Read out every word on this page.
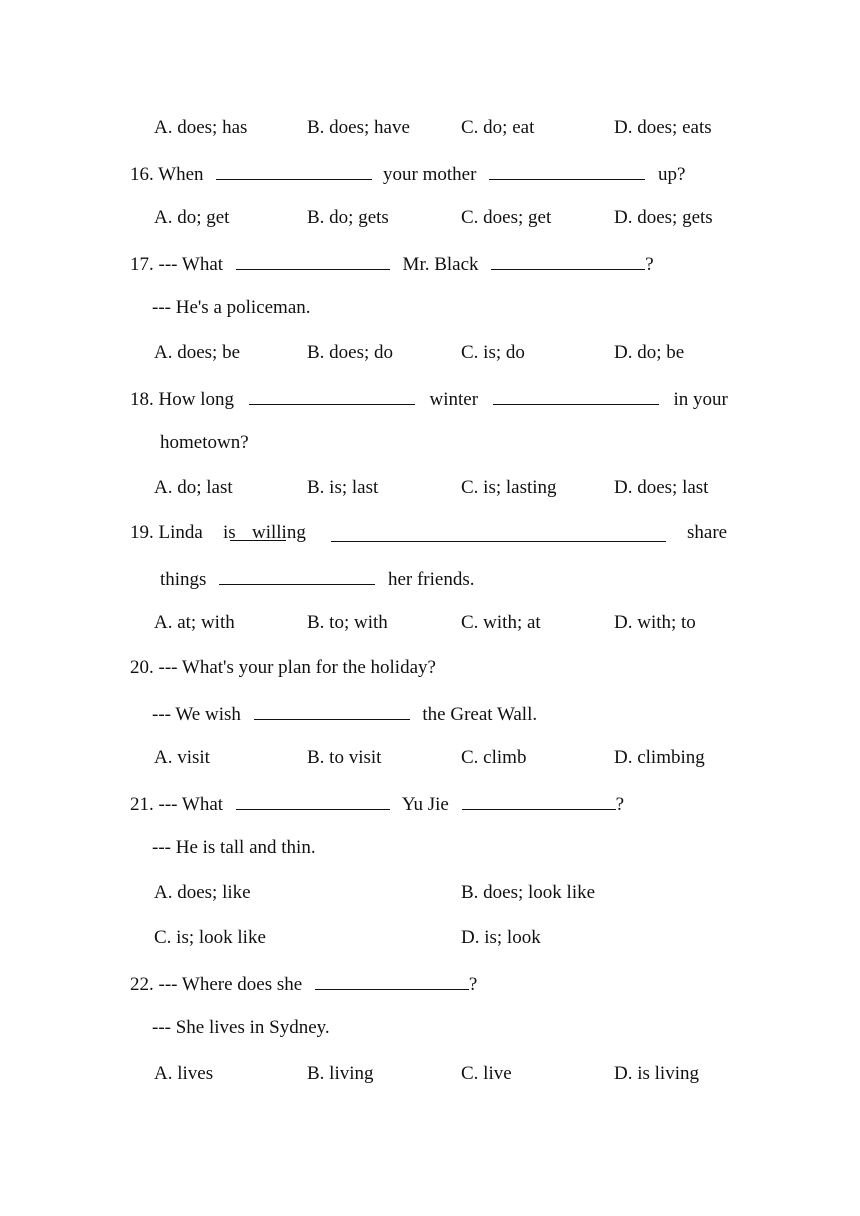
A. does; has	B. does; have	C. do; eat	D. does; eats
16. When	your mother	up?
A. do; get	B. do; gets	C. does; get	D. does; gets
17. --- What	Mr. Black	?
--- He's a policeman.
A. does; be	B. does; do	C. is; do	D. do; be
18. How long	winter	in your
hometown?
A. do; last	B. is; last	C. is; lasting	D. does; last
19. Linda is willing	share
things	her friends.
A. at; with	B. to; with	C. with; at	D. with; to
20. --- What's your plan for the holiday?
--- We wish	the Great Wall.
A. visit	B. to visit	C. climb	D. climbing
21. --- What	Yu Jie	?
--- He is tall and thin.
A. does; like	B. does; look like
C. is; look like	D. is; look
22. --- Where does she	?
--- She lives in Sydney.
A. lives	B. living	C. live	D. is living
